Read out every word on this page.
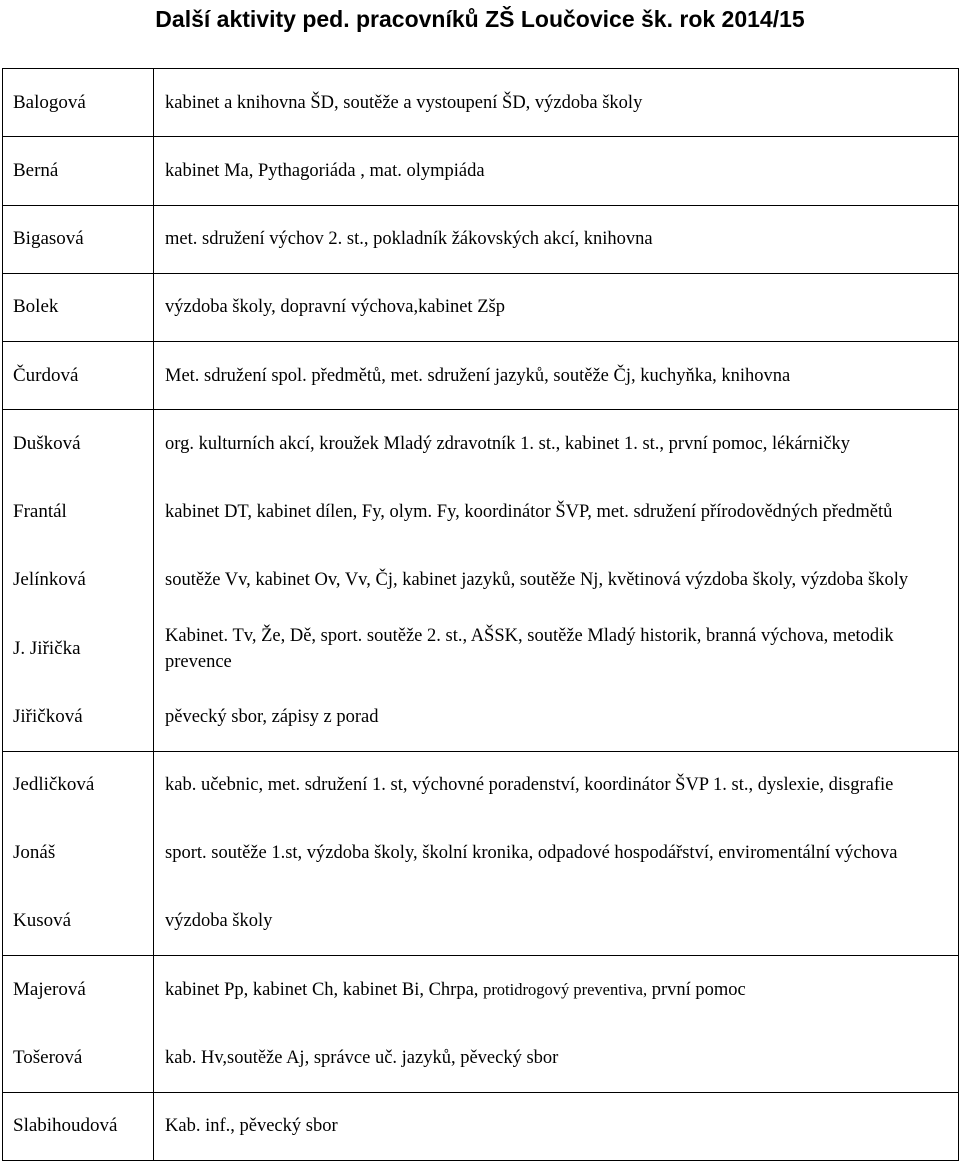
Další aktivity ped. pracovníků ZŠ Loučovice šk. rok 2014/15
Balogová	kabinet a knihovna ŠD, soutěže a vystoupení ŠD, výzdoba školy
Berná	kabinet Ma, Pythagoriáda , mat. olympiáda
Bigasová	met. sdružení výchov 2. st., pokladník žákovských akcí, knihovna
Bolek	výzdoba školy, dopravní výchova,kabinet Zšp
Čurdová	Met. sdružení spol. předmětů, met. sdružení jazyků, soutěže Čj, kuchyňka, knihovna
Dušková	org. kulturních akcí, kroužek Mladý zdravotník 1. st., kabinet 1. st., první pomoc, lékárničky
Frantál	kabinet DT, kabinet dílen, Fy, olym. Fy, koordinátor ŠVP, met. sdružení přírodovědných předmětů
Jelínková	soutěže Vv, kabinet Ov, Vv, Čj, kabinet jazyků, soutěže Nj, květinová výzdoba školy, výzdoba školy
J. Jiřička	Kabinet. Tv, Že, Dě, sport. soutěže 2. st., AŠSK, soutěže Mladý historik, branná výchova, metodik prevence
Jiřičková	pěvecký sbor, zápisy z porad
Jedličková	kab. učebnic, met. sdružení 1. st, výchovné poradenství, koordinátor ŠVP 1. st., dyslexie, disgrafie
Jonáš	sport. soutěže 1.st, výzdoba školy, školní kronika, odpadové hospodářství, enviromentální výchova
Kusová	výzdoba školy
Majerová	kabinet Pp, kabinet Ch, kabinet Bi, Chrpa, protidrogový preventiva, první pomoc
Tošerová	kab. Hv,soutěže Aj, správce uč. jazyků, pěvecký sbor
Slabihoudová	Kab. inf., pěvecký sbor
